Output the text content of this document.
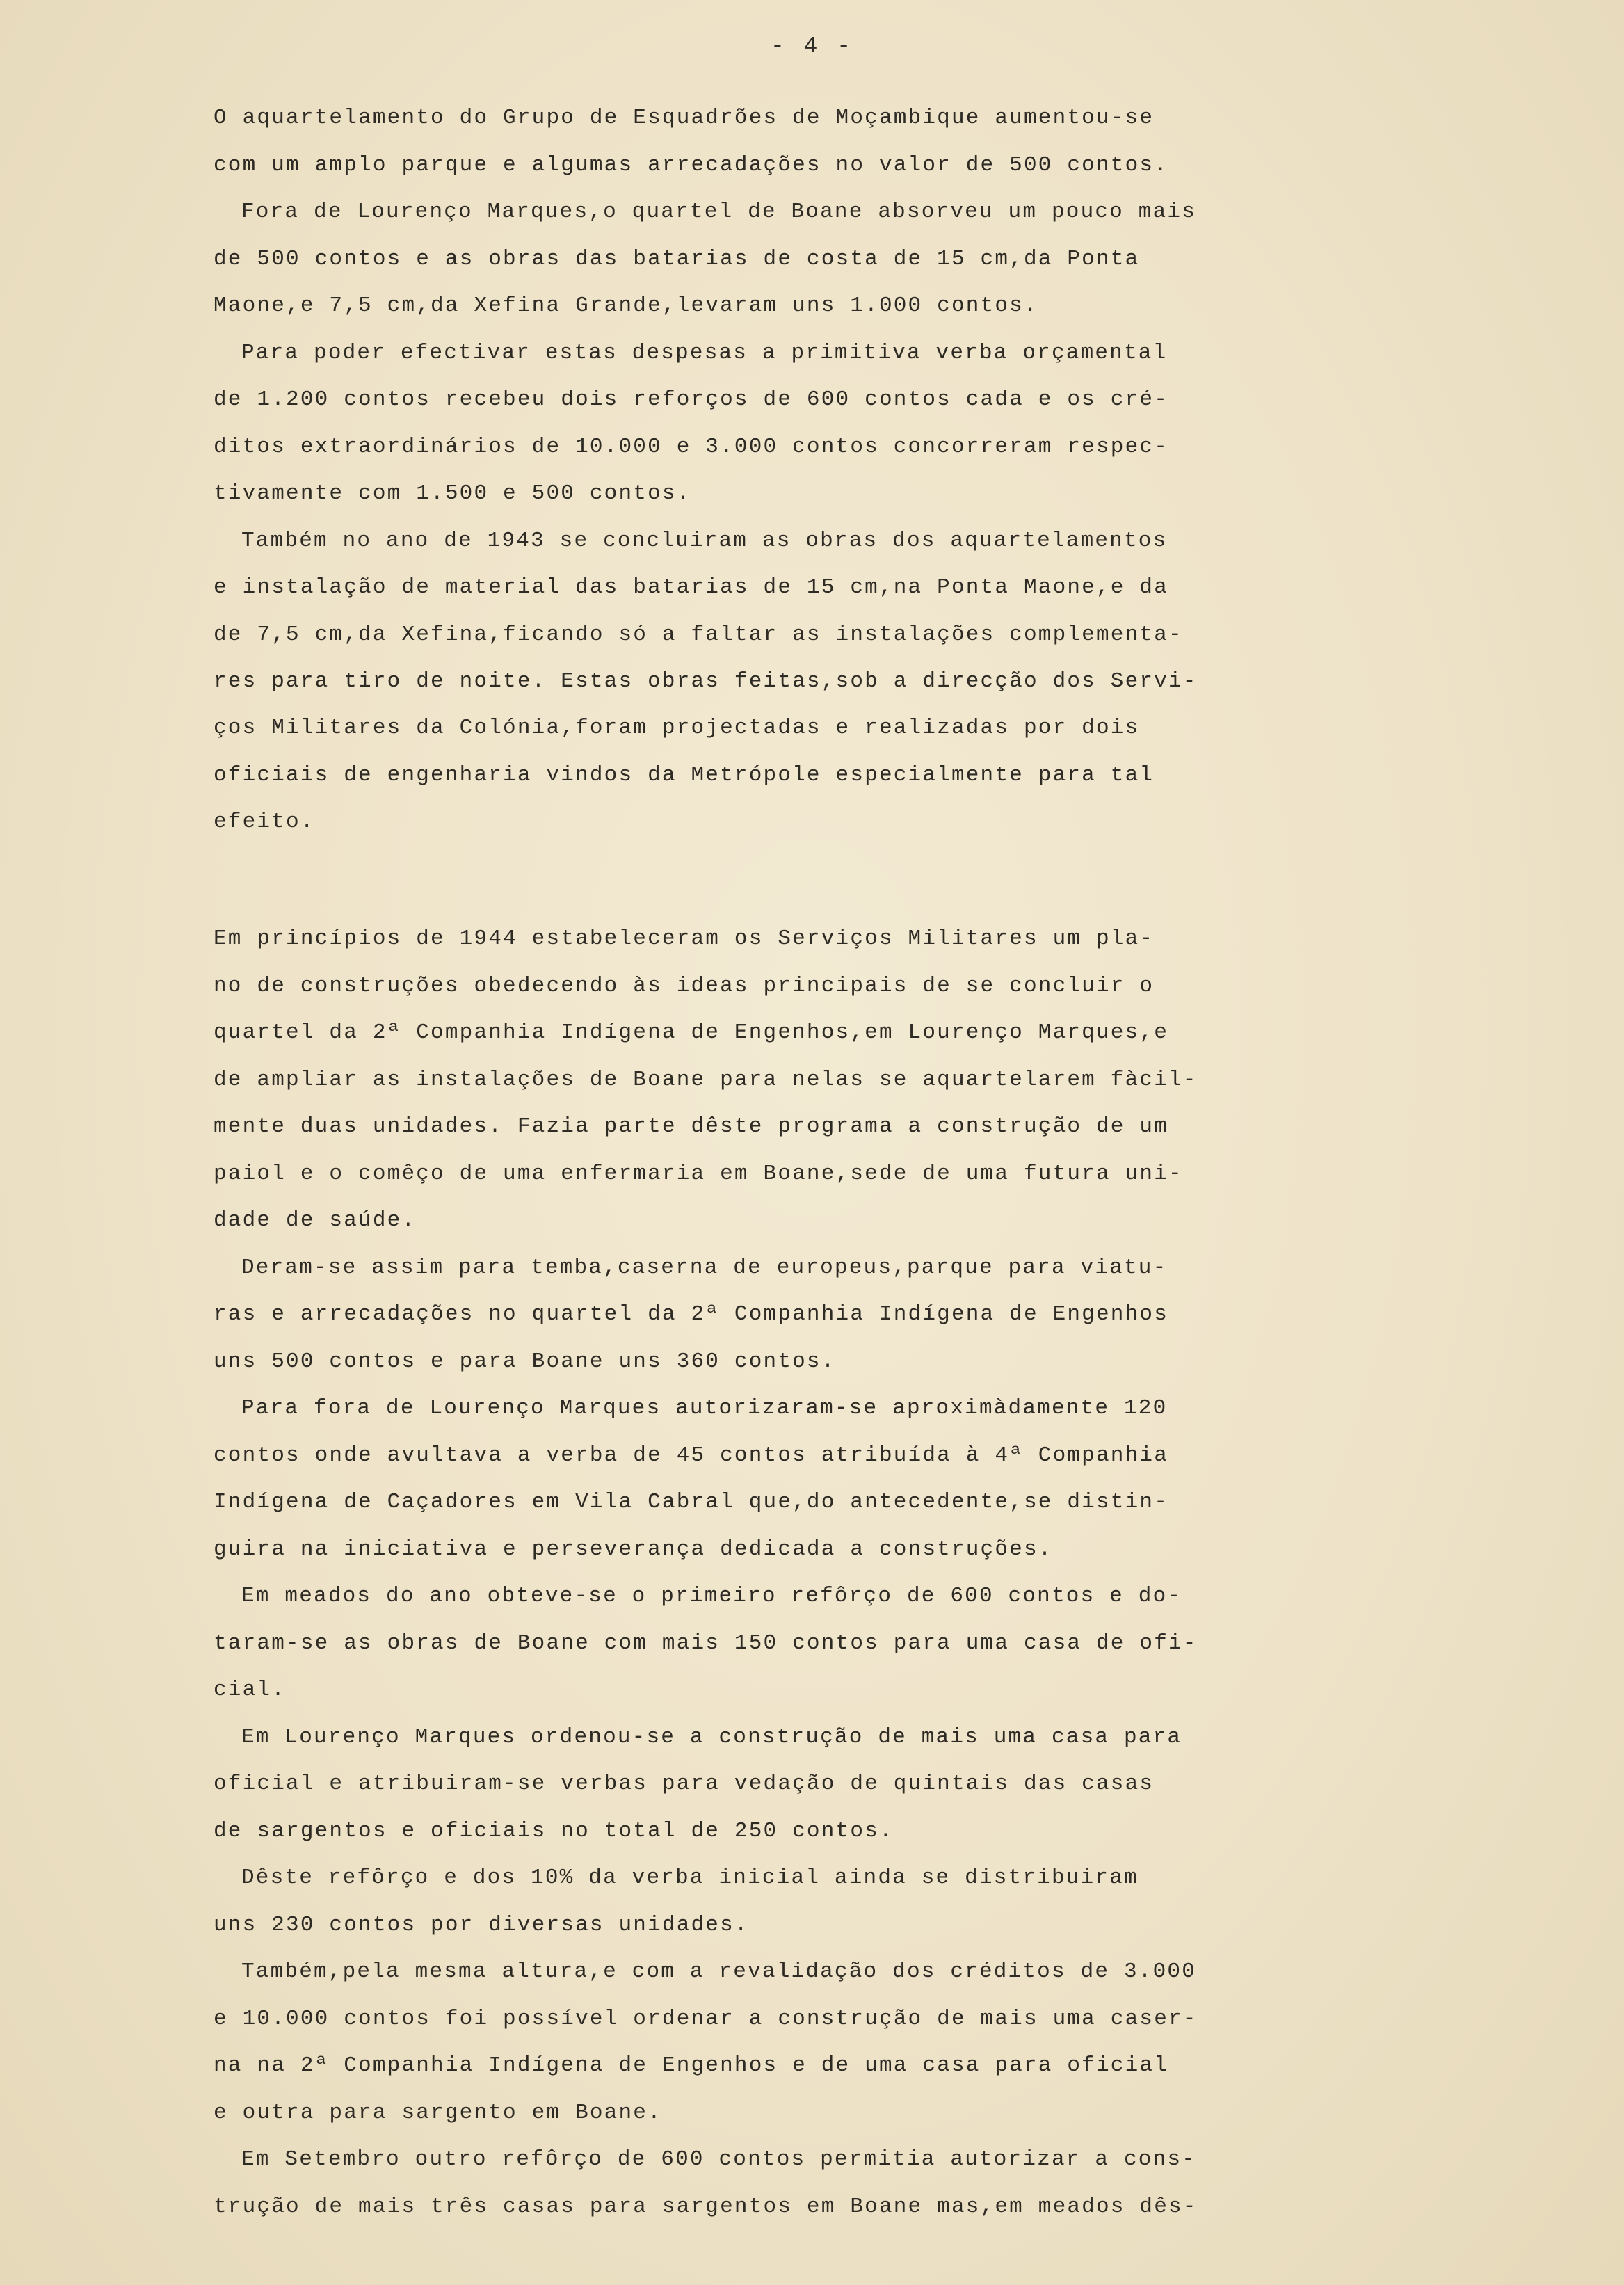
- 4 -
O aquartelamento do Grupo de Esquadrões de Moçambique aumentou-se
com um amplo parque e algumas arrecadações no valor de 500 contos.
Fora de Lourenço Marques,o quartel de Boane absorveu um pouco mais
de 500 contos e as obras das batarias de costa de 15 cm,da Ponta
Maone,e 7,5 cm,da Xefina Grande,levaram uns 1.000 contos.
Para poder efectivar estas despesas a primitiva verba orçamental
de 1.200 contos recebeu dois reforços de 600 contos cada e os cré-
ditos extraordinários de 10.000 e 3.000 contos concorreram respec-
tivamente com 1.500 e 500 contos.
Também no ano de 1943 se concluiram as obras dos aquartelamentos
e instalação de material das batarias de 15 cm,na Ponta Maone,e da
de 7,5 cm,da Xefina,ficando só a faltar as instalações complementa-
res para tiro de noite. Estas obras feitas,sob a direcção dos Servi-
ços Militares da Colónia,foram projectadas e realizadas por dois
oficiais de engenharia vindos da Metrópole especialmente para tal
efeito.
Em princípios de 1944 estabeleceram os Serviços Militares um pla-
no de construções obedecendo às ideas principais de se concluir o
quartel da 2ª Companhia Indígena de Engenhos,em Lourenço Marques,e
de ampliar as instalações de Boane para nelas se aquartelarem fàcil-
mente duas unidades. Fazia parte dêste programa a construção de um
paiol e o comêço de uma enfermaria em Boane,sede de uma futura uni-
dade de saúde.
Deram-se assim para temba,caserna de europeus,parque para viatu-
ras e arrecadações no quartel da 2ª Companhia Indígena de Engenhos
uns 500 contos e para Boane uns 360 contos.
Para fora de Lourenço Marques autorizaram-se aproximàdamente 120
contos onde avultava a verba de 45 contos atribuída à 4ª Companhia
Indígena de Caçadores em Vila Cabral que,do antecedente,se distin-
guira na iniciativa e perseverança dedicada a construções.
Em meados do ano obteve-se o primeiro refôrço de 600 contos e do-
taram-se as obras de Boane com mais 150 contos para uma casa de ofi-
cial.
Em Lourenço Marques ordenou-se a construção de mais uma casa para
oficial e atribuiram-se verbas para vedação de quintais das casas
de sargentos e oficiais no total de 250 contos.
Dêste refôrço e dos 10% da verba inicial ainda se distribuiram
uns 230 contos por diversas unidades.
Também,pela mesma altura,e com a revalidação dos créditos de 3.000
e 10.000 contos foi possível ordenar a construção de mais uma caser-
na na 2ª Companhia Indígena de Engenhos e de uma casa para oficial
e outra para sargento em Boane.
Em Setembro outro refôrço de 600 contos permitia autorizar a cons-
trução de mais três casas para sargentos em Boane mas,em meados dês-
